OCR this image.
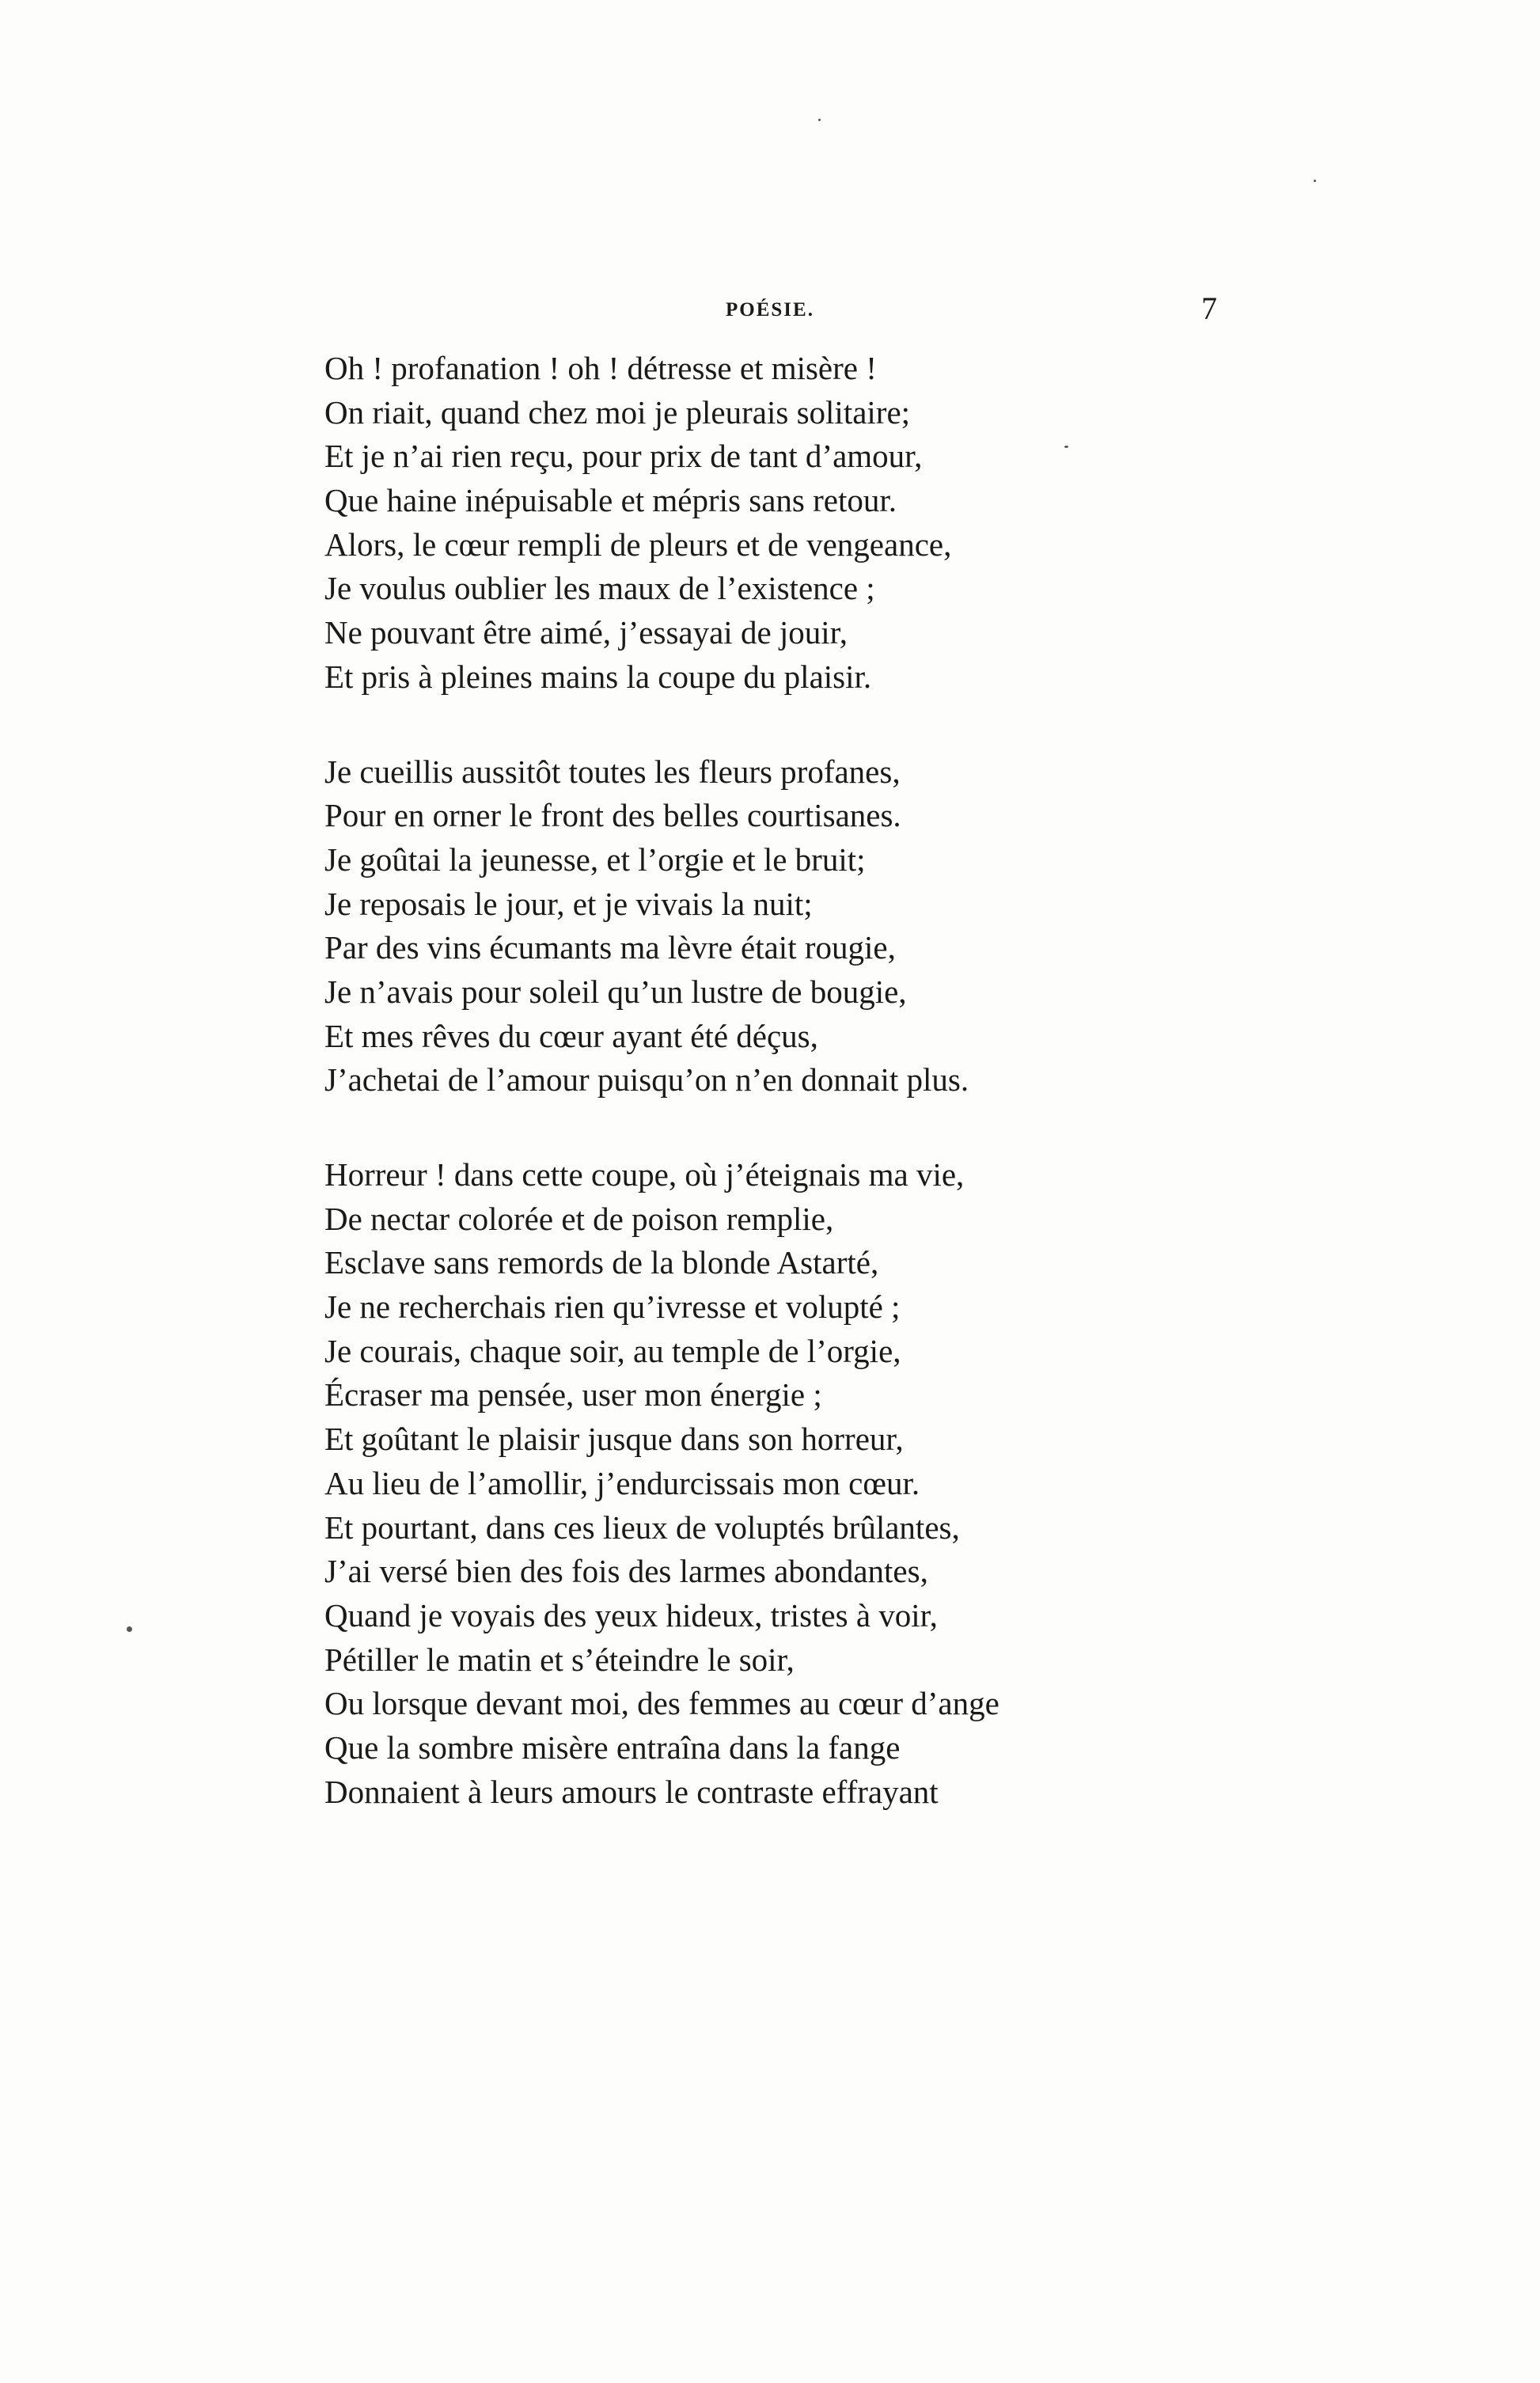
POÉSIE.	7
Oh ! profanation ! oh ! détresse et misère !
On riait, quand chez moi je pleurais solitaire;
Et je n’ai rien reçu, pour prix de tant d’amour,
Que haine inépuisable et mépris sans retour.
Alors, le cœur rempli de pleurs et de vengeance,
Je voulus oublier les maux de l’existence ;
Ne pouvant être aimé, j’essayai de jouir,
Et pris à pleines mains la coupe du plaisir.
Je cueillis aussitôt toutes les fleurs profanes,
Pour en orner le front des belles courtisanes.
Je goûtai la jeunesse, et l’orgie et le bruit;
Je reposais le jour, et je vivais la nuit;
Par des vins écumants ma lèvre était rougie,
Je n’avais pour soleil qu’un lustre de bougie,
Et mes rêves du cœur ayant été déçus,
J’achetai de l’amour puisqu’on n’en donnait plus.
Horreur ! dans cette coupe, où j’éteignais ma vie,
De nectar colorée et de poison remplie,
Esclave sans remords de la blonde Astarté,
Je ne recherchais rien qu’ivresse et volupté ;
Je courais, chaque soir, au temple de l’orgie,
Écraser ma pensée, user mon énergie ;
Et goûtant le plaisir jusque dans son horreur,
Au lieu de l’amollir, j’endurcissais mon cœur.
Et pourtant, dans ces lieux de voluptés brûlantes,
J’ai versé bien des fois des larmes abondantes,
Quand je voyais des yeux hideux, tristes à voir,
Pétiller le matin et s’éteindre le soir,
Ou lorsque devant moi, des femmes au cœur d’ange
Que la sombre misère entraîna dans la fange
Donnaient à leurs amours le contraste effrayant
